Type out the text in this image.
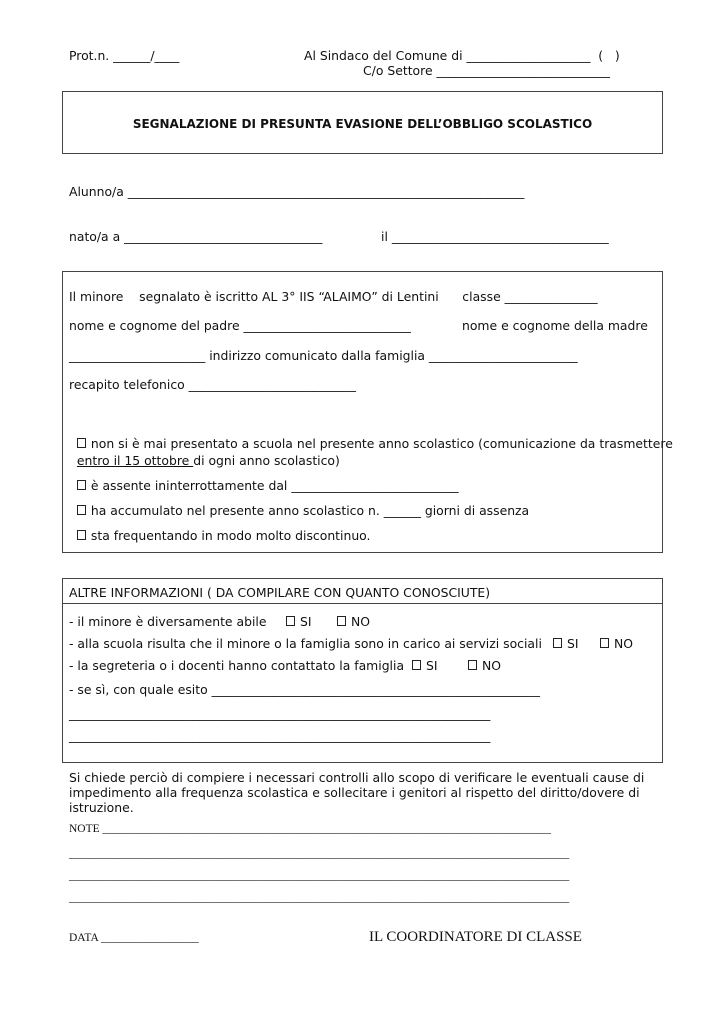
Prot.n. ______/____	Al Sindaco del Comune di ____________________  (   )
C/o Settore ____________________________
SEGNALAZIONE DI PRESUNTA EVASIONE DELL’OBBLIGO SCOLASTICO
Alunno/a ________________________________________________________________
nato/a a ________________________________	il ___________________________________
Il minore    segnalato è iscritto AL 3° IIS “ALAIMO” di Lentini      classe _______________
nome e cognome del padre ___________________________	nome e cognome della madre
______________________ indirizzo comunicato dalla famiglia ________________________
recapito telefonico ___________________________

non si è mai presentato a scuola nel presente anno scolastico (comunicazione da trasmettere

entro il 15 ottobre di ogni anno scolastico)

è assente ininterrottamente dal ___________________________

ha accumulato nel presente anno scolastico n. ______ giorni di assenza

sta frequentando in modo molto discontinuo.

ALTRE INFORMAZIONI ( DA COMPILARE CON QUANTO CONOSCIUTE)
- il minore è diversamente abile	SI	NO
- alla scuola risulta che il minore o la famiglia sono in carico ai servizi sociali	SI	NO
- la segreteria o i docenti hanno contattato la famiglia	SI	NO
- se sì, con quale esito _____________________________________________________
____________________________________________________________________
____________________________________________________________________
Si chiede perciò di compiere i necessari controlli allo scopo di verificare le eventuali cause di impedimento alla frequenza scolastica e sollecitare i genitori al rispetto del diritto/dovere di istruzione.
NOTE ______________________________________________________________________________
_______________________________________________________________________________________
_______________________________________________________________________________________
_______________________________________________________________________________________
DATA _________________	IL COORDINATORE DI CLASSE
